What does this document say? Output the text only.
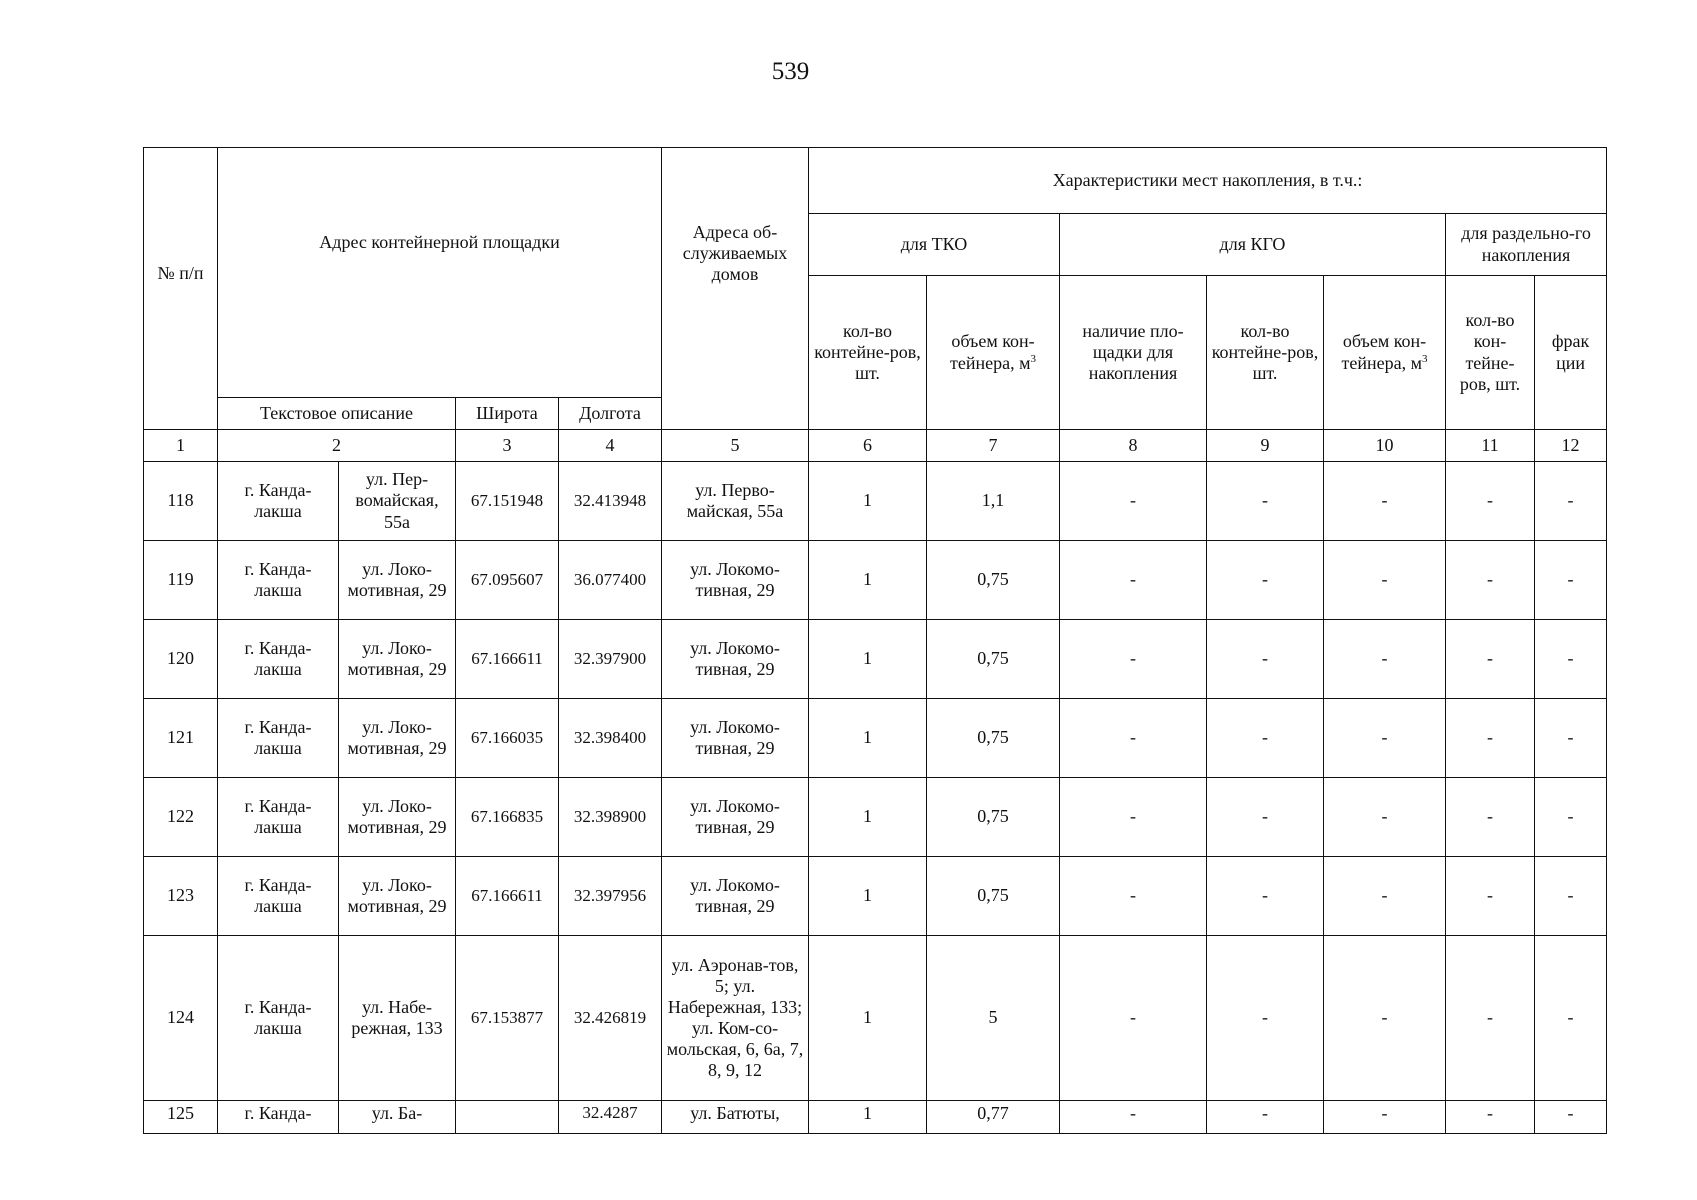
539
№ п/п	Адрес контейнерной площадки				Адреса об-служиваемых домов	Характеристики мест накопления, в т.ч.:						
						для ТКО		для КГО			для раздельно-го накопления	
						кол-во контейне-ров, шт.	объем кон-тейнера, $м^3$	наличие пло-щадки для накопления	кол-во контейне-ров, шт.	объем кон-тейнера, $м^3$	кол-во кон-тейне-ров, шт.	фрак ции
	Текстовое описание		Широта	Долгота								
1	2		3	4	5	6	7	8	9	10	11	12
118	г. Канда-лакша	ул. Пер-вомайская, 55а	67.151948	32.413948	ул. Перво-майская, 55а	1	1,1	-	-	-	-	-
119	г. Канда-лакша	ул. Локо-мотивная, 29	67.095607	36.077400	ул. Локомо-тивная, 29	1	0,75	-	-	-	-	-
120	г. Канда-лакша	ул. Локо-мотивная, 29	67.166611	32.397900	ул. Локомо-тивная, 29	1	0,75	-	-	-	-	-
121	г. Канда-лакша	ул. Локо-мотивная, 29	67.166035	32.398400	ул. Локомо-тивная, 29	1	0,75	-	-	-	-	-
122	г. Канда-лакша	ул. Локо-мотивная, 29	67.166835	32.398900	ул. Локомо-тивная, 29	1	0,75	-	-	-	-	-
123	г. Канда-лакша	ул. Локо-мотивная, 29	67.166611	32.397956	ул. Локомо-тивная, 29	1	0,75	-	-	-	-	-
124	г. Канда-лакша	ул. Набе-режная, 133	67.153877	32.426819	ул. Аэронав-тов, 5; ул. Набережная, 133; ул. Ком-со-мольская, 6, 6а, 7, 8, 9, 12	1	5	-	-	-	-	-
125	г. Канда-	ул. Ба-		32.4287	ул. Батюты,	1	0,77	-	-	-	-	-
